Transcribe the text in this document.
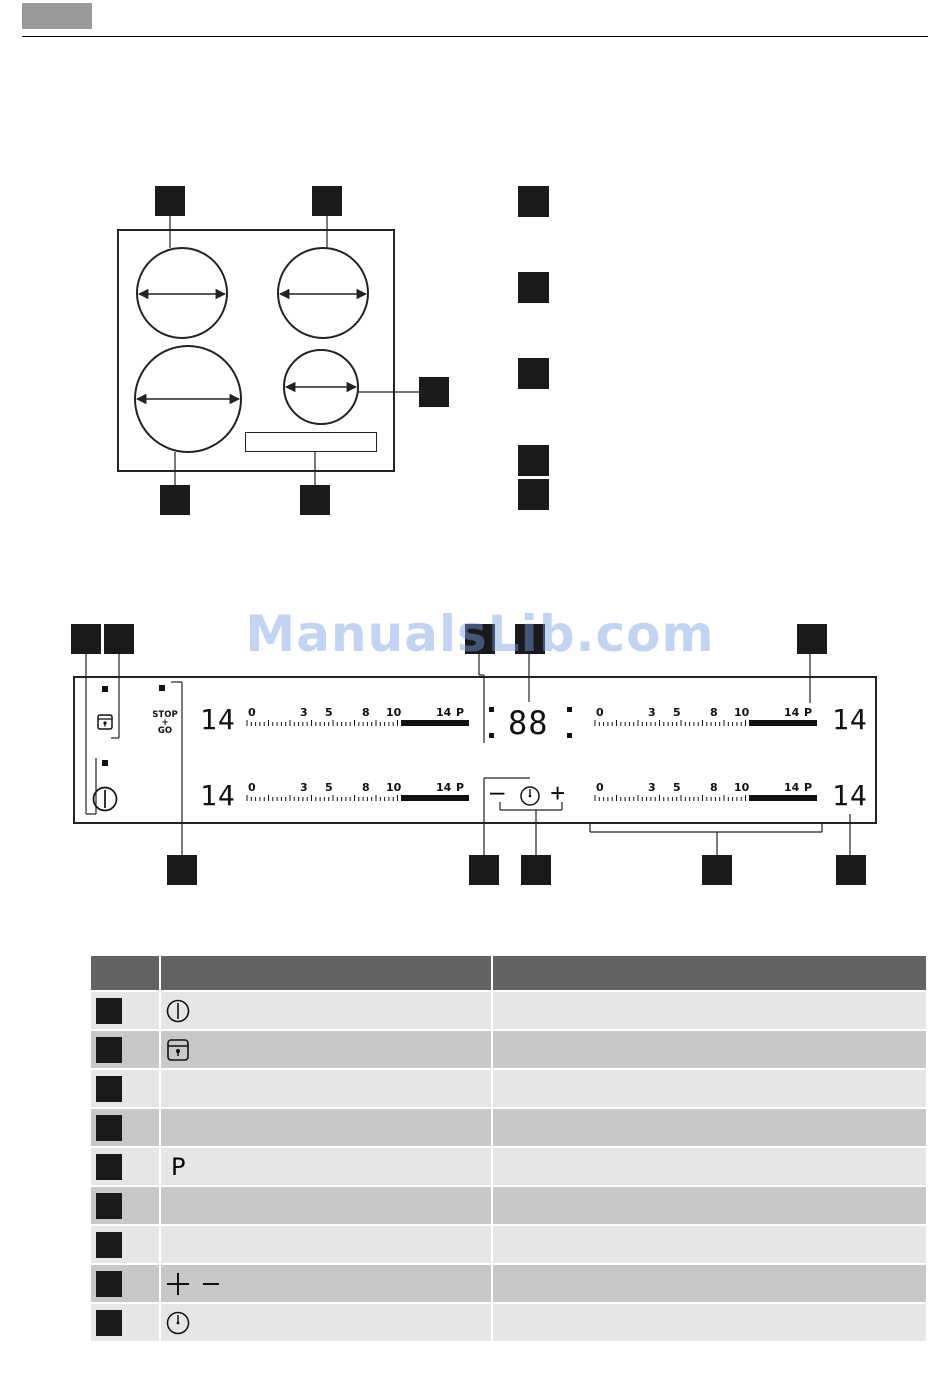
STOP
+
GO 14
14
14
14
0	3 5	8 10	14 P
0	3 5	8 10	14 P
0	3 5	8 10	14 P
0	3 5	8 10	14 P
88
– +
ManualsLib.com
P
